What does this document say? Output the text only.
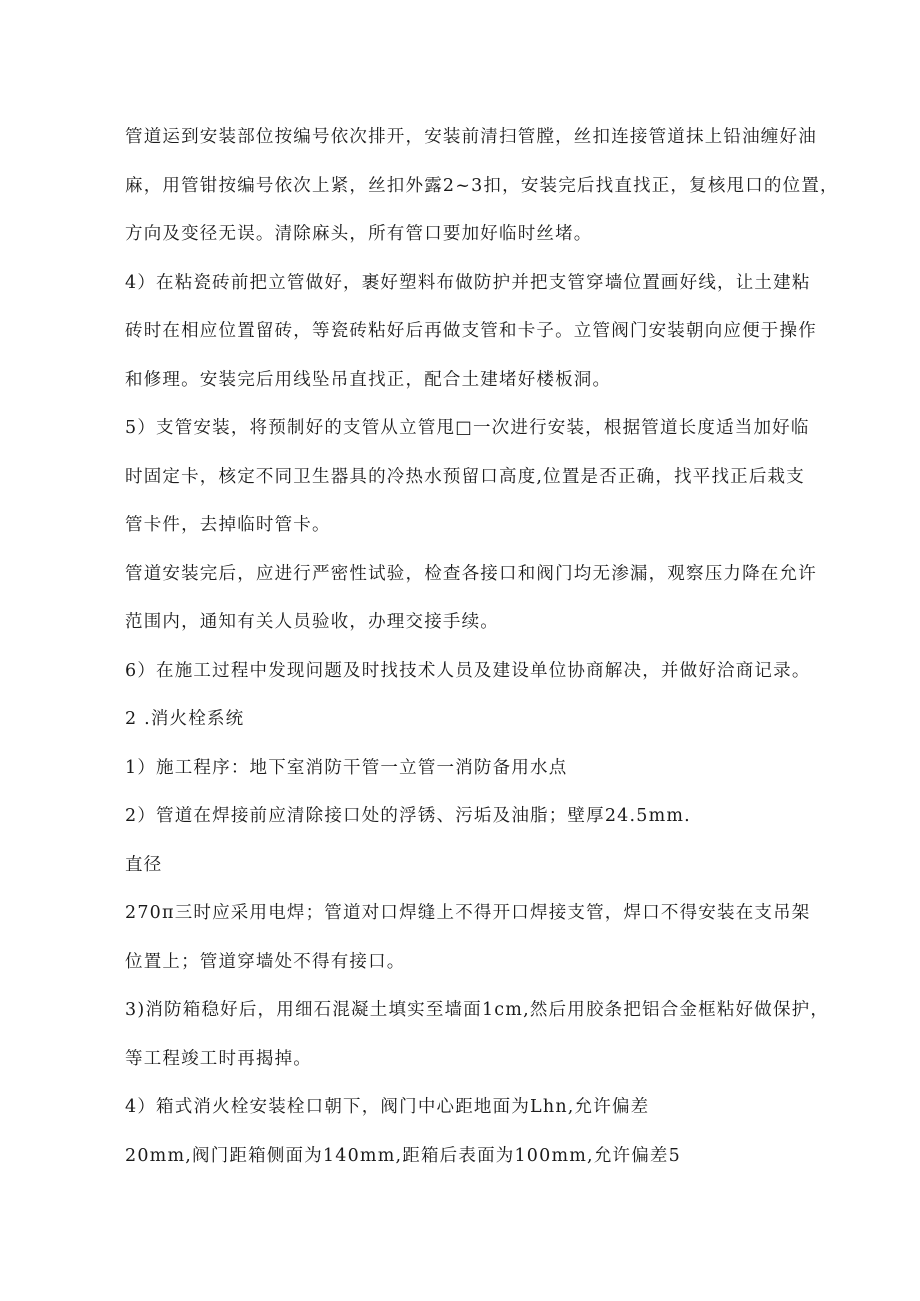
管道运到安装部位按编号依次排开，安装前清扫管膛，丝扣连接管道抹上铅油缠好油
麻，用管钳按编号依次上紧，丝扣外露2~3扣，安装完后找直找正，复核甩口的位置，
方向及变径无误。清除麻头，所有管口要加好临时丝堵。

4）在粘瓷砖前把立管做好，裹好塑料布做防护并把支管穿墙位置画好线，让土建粘
砖时在相应位置留砖，等瓷砖粘好后再做支管和卡子。立管阀门安装朝向应便于操作
和修理。安装完后用线坠吊直找正，配合土建堵好楼板洞。

5）支管安装，将预制好的支管从立管甩□一次进行安装，根据管道长度适当加好临
时固定卡，核定不同卫生器具的冷热水预留口高度,位置是否正确，找平找正后栽支
管卡件，去掉临时管卡。

管道安装完后，应进行严密性试验，检查各接口和阀门均无渗漏，观察压力降在允许
范围内，通知有关人员验收，办理交接手续。

6）在施工过程中发现问题及时找技术人员及建设单位协商解决，并做好洽商记录。

2 .消火栓系统

1）施工程序：地下室消防干管一立管一消防备用水点

2）管道在焊接前应清除接口处的浮锈、污垢及油脂；壁厚24.5mm.

直径

270π三时应采用电焊；管道对口焊缝上不得开口焊接支管，焊口不得安装在支吊架
位置上；管道穿墙处不得有接口。

3)消防箱稳好后，用细石混凝土填实至墙面1cm,然后用胶条把铝合金框粘好做保护，
等工程竣工时再揭掉。

4）箱式消火栓安装栓口朝下，阀门中心距地面为Lhn,允许偏差

20mm,阀门距箱侧面为140mm,距箱后表面为100mm,允许偏差5
